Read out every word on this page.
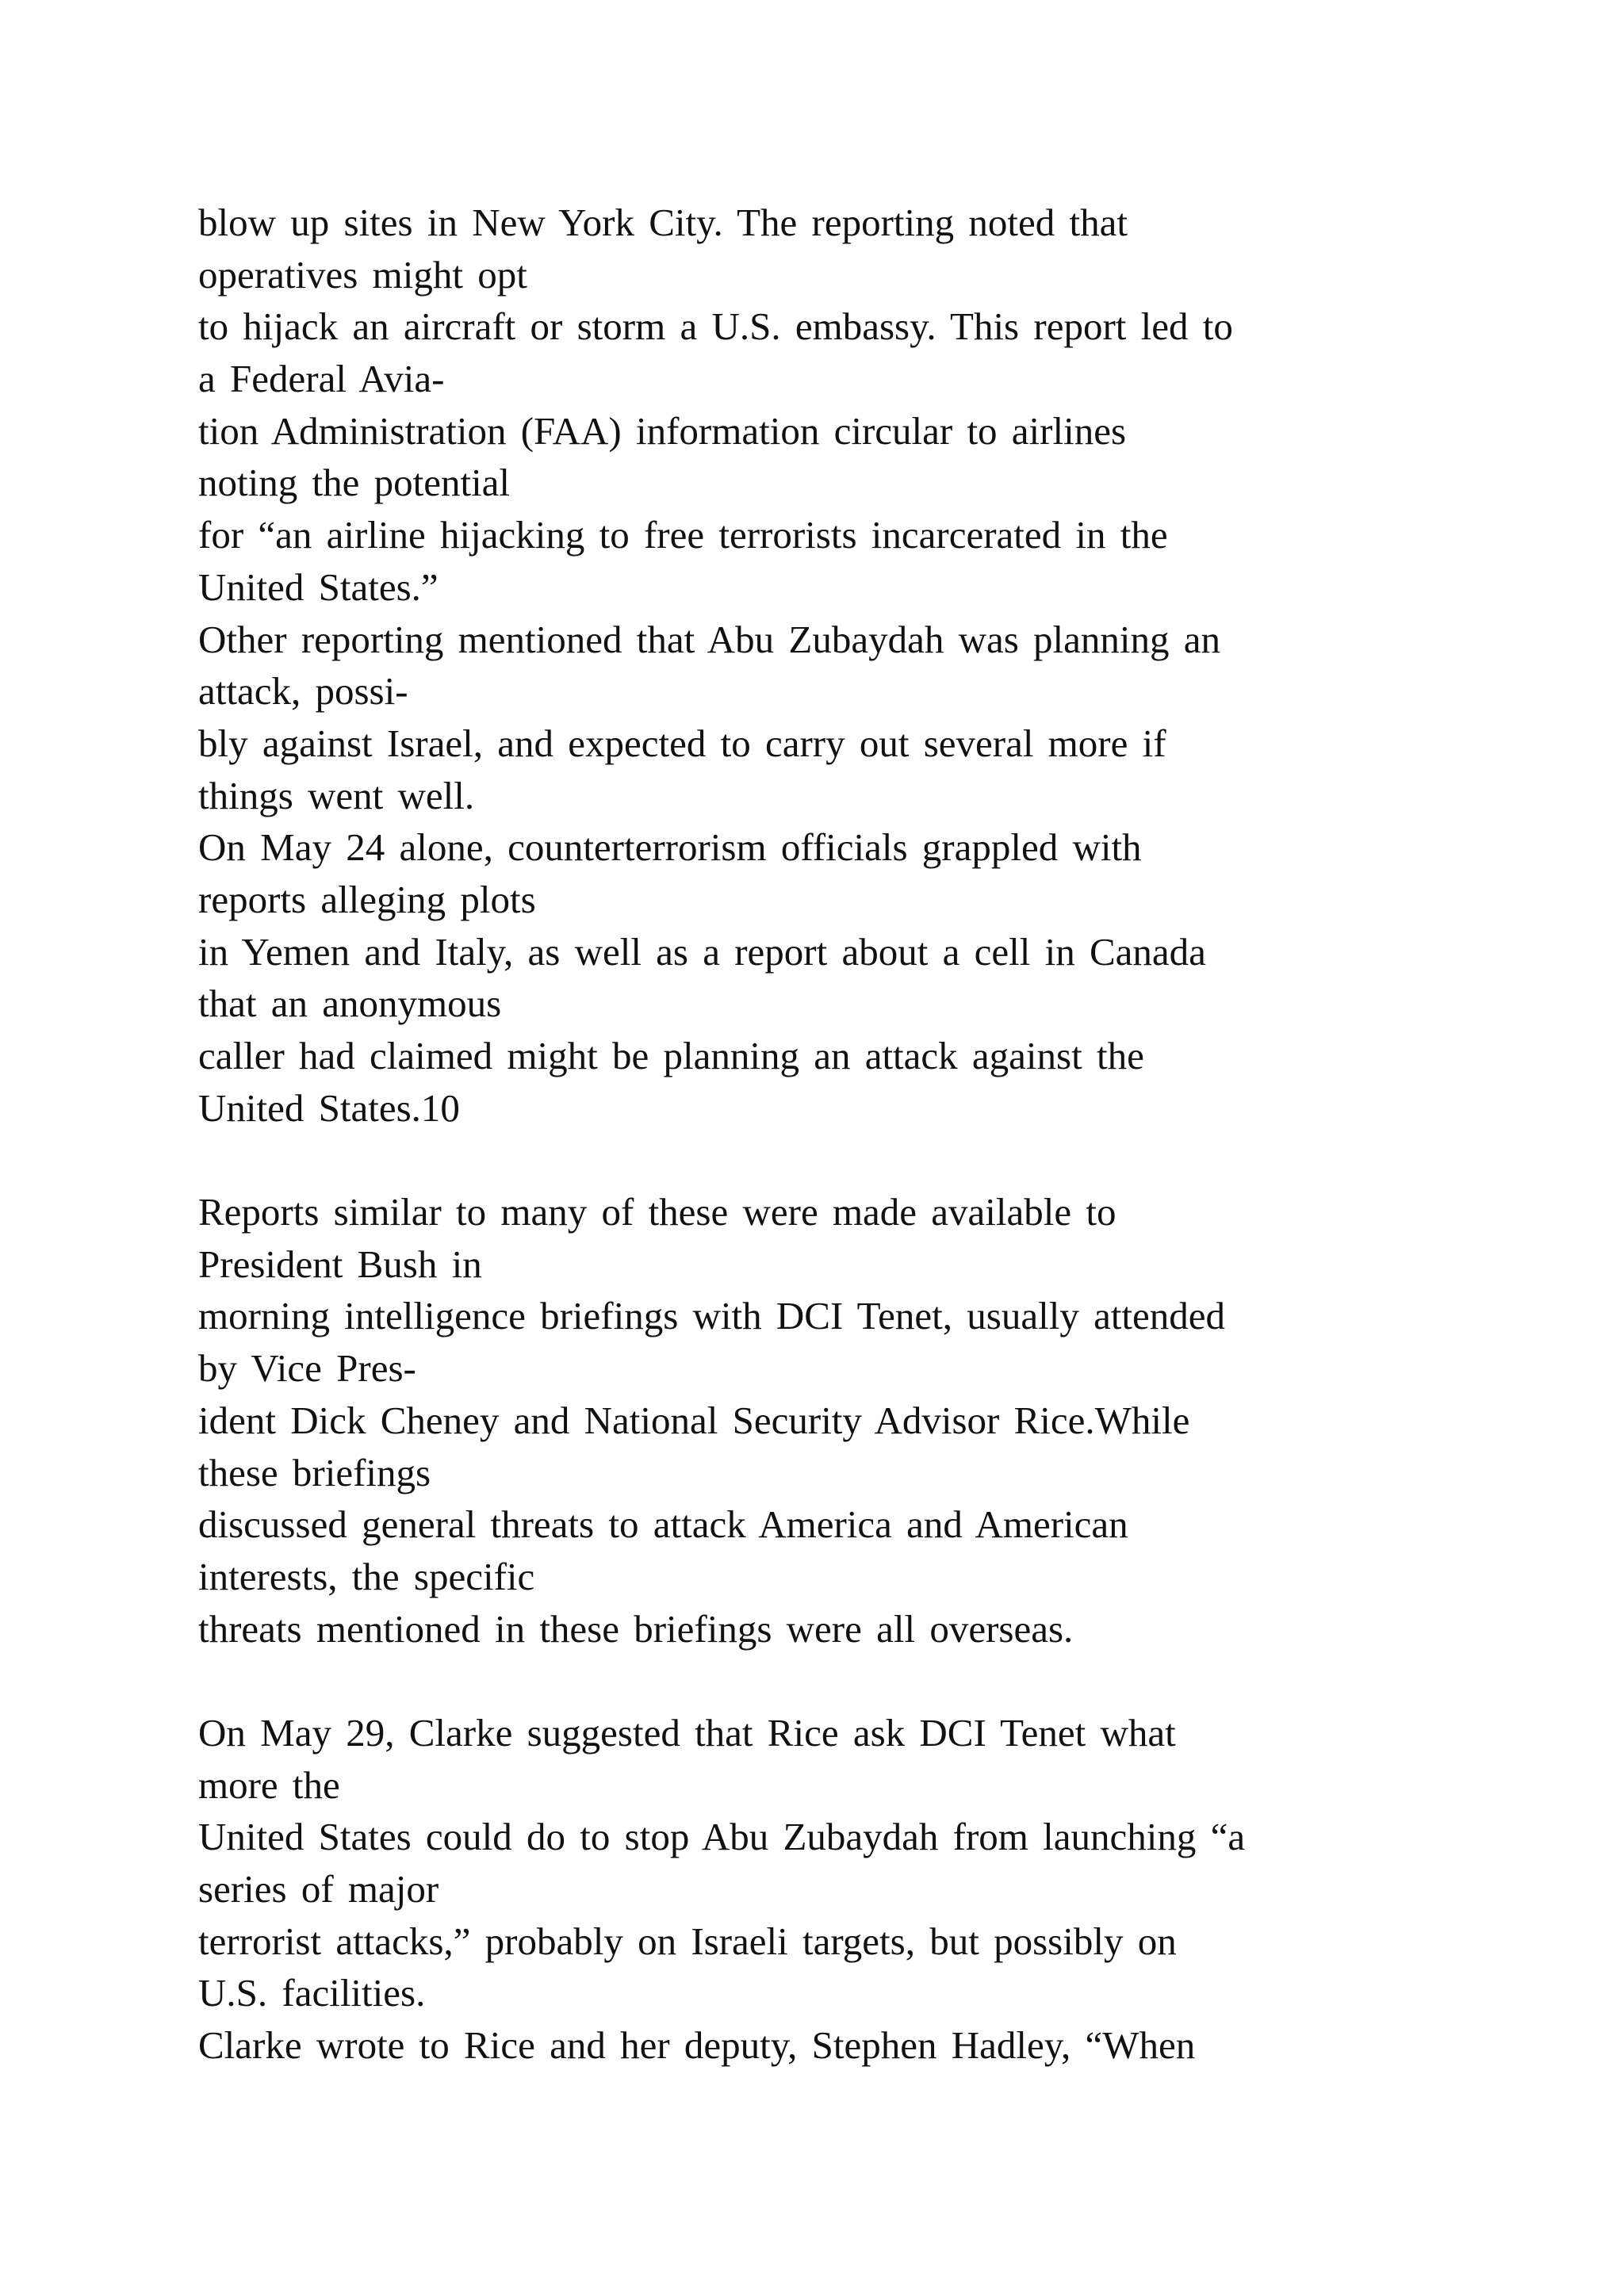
blow up sites in New York City. The reporting noted that
operatives might opt
to hijack an aircraft or storm a U.S. embassy. This report led to
a Federal Avia-
tion Administration (FAA) information circular to airlines
noting the potential
for “an airline hijacking to free terrorists incarcerated in the
United States.”
Other reporting mentioned that Abu Zubaydah was planning an
attack, possi-
bly against Israel, and expected to carry out several more if
things went well.
On May 24 alone, counterterrorism officials grappled with
reports alleging plots
in Yemen and Italy, as well as a report about a cell in Canada
that an anonymous
caller had claimed might be planning an attack against the
United States.10
Reports similar to many of these were made available to
President Bush in
morning intelligence briefings with DCI Tenet, usually attended
by Vice Pres-
ident Dick Cheney and National Security Advisor Rice.While
these briefings
discussed general threats to attack America and American
interests, the specific
threats mentioned in these briefings were all overseas.
On May 29, Clarke suggested that Rice ask DCI Tenet what
more the
United States could do to stop Abu Zubaydah from launching “a
series of major
terrorist attacks,” probably on Israeli targets, but possibly on
U.S. facilities.
Clarke wrote to Rice and her deputy, Stephen Hadley, “When
